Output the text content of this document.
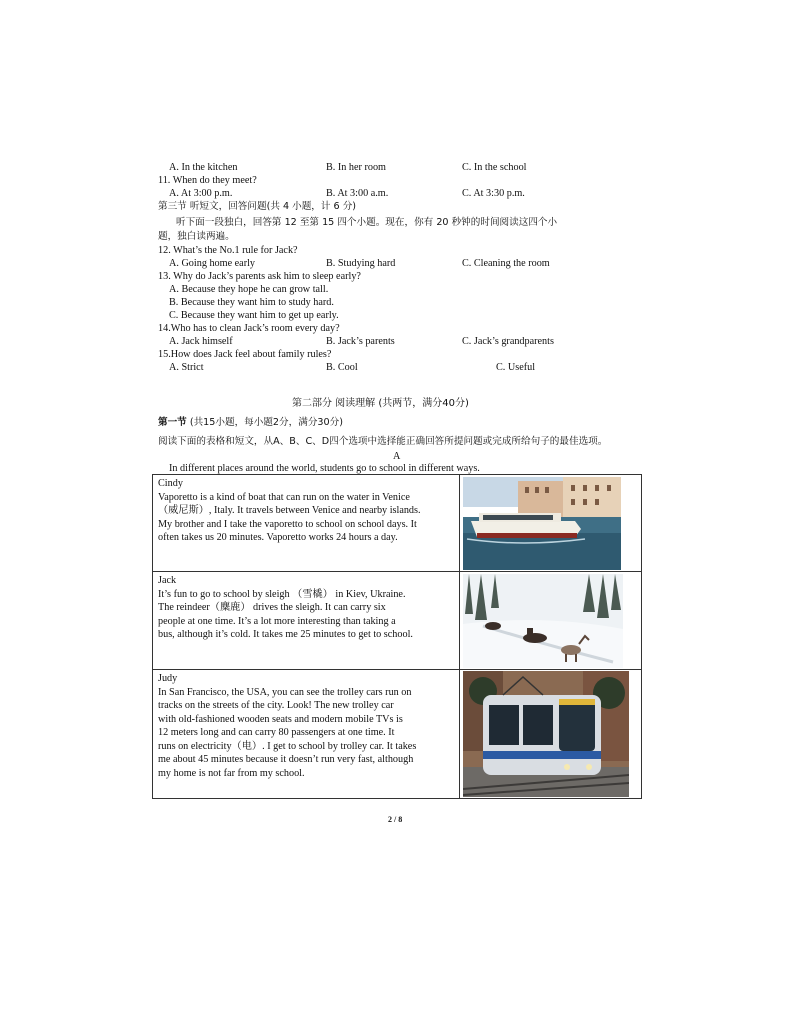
A. In the kitchen	B. In her room	C. In the school
11. When do they meet?
A. At 3:00 p.m.	B. At 3:00 a.m.	C. At 3:30 p.m.
第三节 听短文，回答问题(共 4 小题，计 6 分)
听下面一段独白，回答第 12 至第 15 四个小题。现在，你有 20 秒钟的时间阅读这四个小
题，独白读两遍。
12. What’s the No.1 rule for Jack?
A. Going home early	B. Studying hard	C. Cleaning the room
13. Why do Jack’s parents ask him to sleep early?
A. Because they hope he can grow tall.
B. Because they want him to study hard.
C. Because they want him to get up early.
14.Who has to clean Jack’s room every day?
A. Jack himself	B. Jack’s parents	C. Jack’s grandparents
15.How does Jack feel about family rules?
A. Strict	B. Cool	C. Useful
第二部分 阅读理解 (共两节，满分40分)
第一节 (共15小题，每小题2分，满分30分)
阅读下面的表格和短文，从A、B、C、D四个选项中选择能正确回答所提问题或完成所给句子的最佳选项。
A
In different places around the world, students go to school in different ways.
Cindy
Vaporetto is a kind of boat that can run on the water in Venice
（威尼斯）, Italy. It travels between Venice and nearby islands.
My brother and I take the vaporetto to school on school days. It
often takes us 20 minutes. Vaporetto works 24 hours a day.
Jack
It’s fun to go to school by sleigh （雪橇） in Kiev, Ukraine.
The reindeer（麋鹿） drives the sleigh. It can carry six
people at one time. It’s a lot more interesting than taking a
bus, although it’s cold. It takes me 25 minutes to get to school.
Judy
In San Francisco, the USA, you can see the trolley cars run on
tracks on the streets of the city. Look! The new trolley car
with old-fashioned wooden seats and modern mobile TVs is
12 meters long and can carry 80 passengers at one time. It
runs on electricity（电）. I get to school by trolley car. It takes
me about 45 minutes because it doesn’t run very fast, although
my home is not far from my school.
2 / 8
